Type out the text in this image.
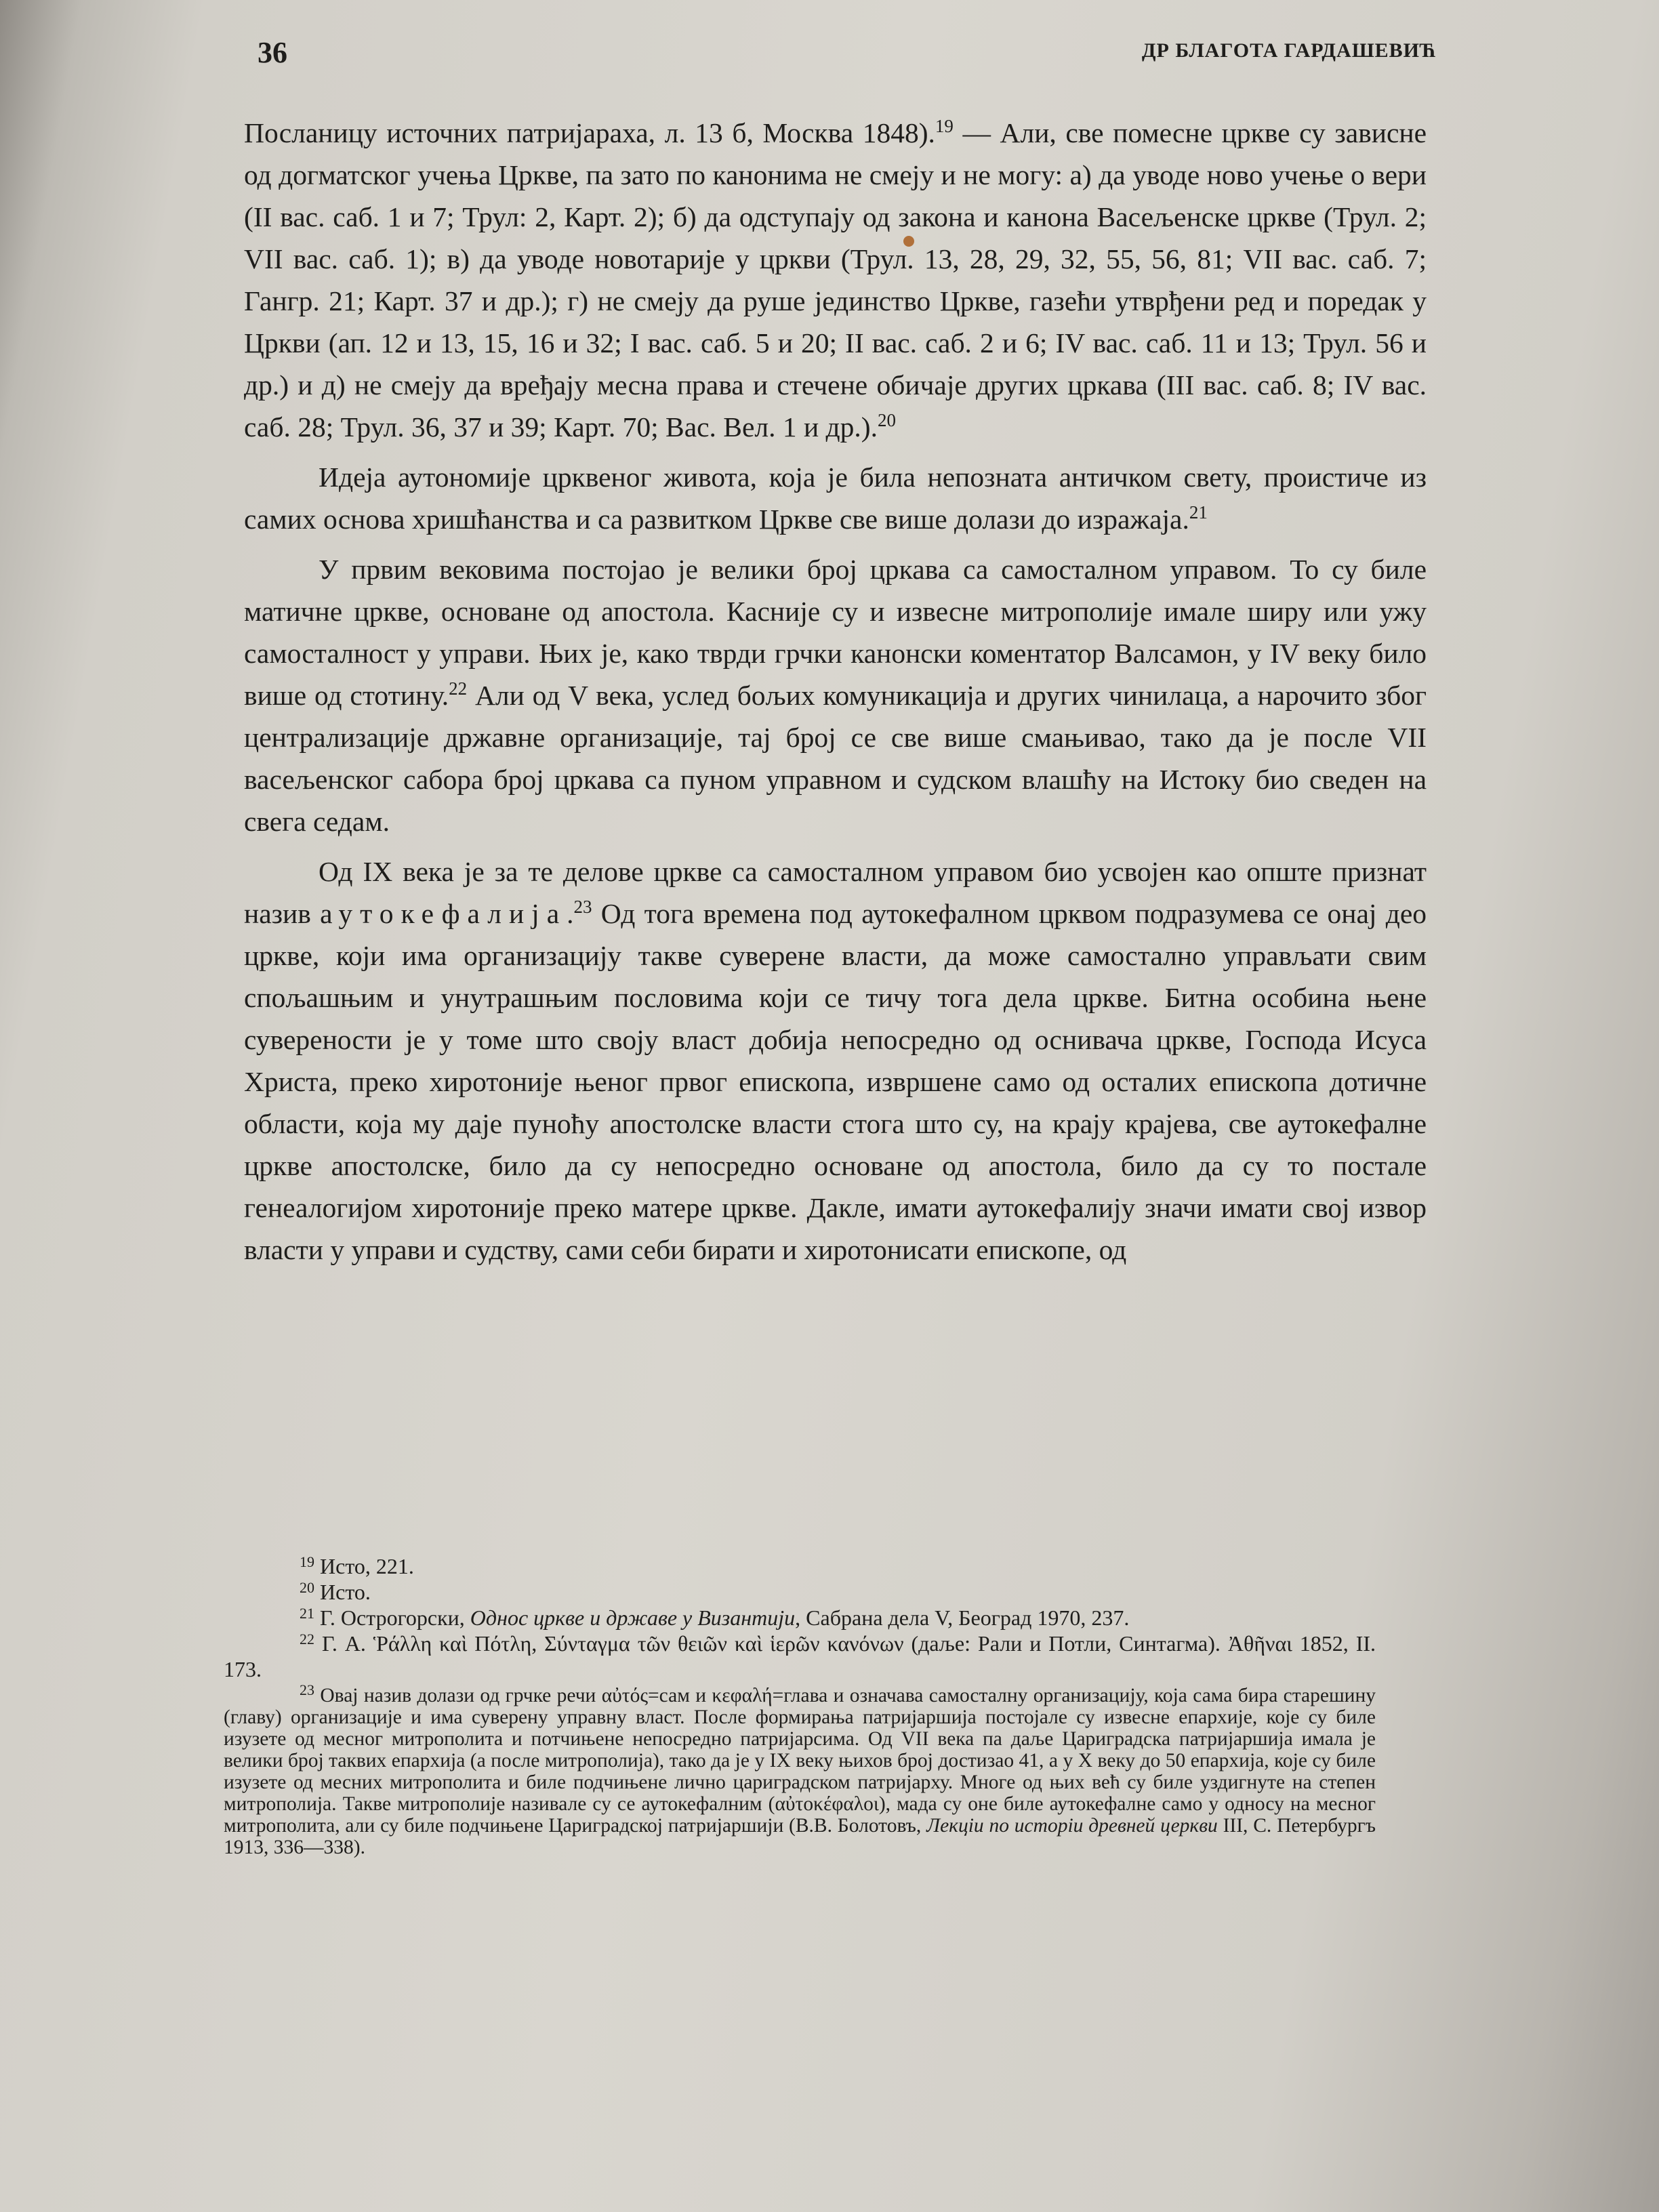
36	ДР БЛАГОТА ГАРДАШЕВИЋ

Посланицу источних патријараха, л. 13 б, Москва 1848).$^{19}$ — Али, све помесне цркве су зависне од догматског учења Цркве, па зато по канонима не смеју и не могу: а) да уводе ново учење о вери (II вас. саб. 1 и 7; Трул: 2, Карт. 2); б) да одступају од закона и канона Васељенске цркве (Трул. 2; VII вас. саб. 1); в) да уводе новотарије у цркви (Трул. 13, 28, 29, 32, 55, 56, 81; VII вас. саб. 7; Гангр. 21; Карт. 37 и др.); г) не смеју да руше јединство Цркве, газећи утврђени ред и поредак у Цркви (ап. 12 и 13, 15, 16 и 32; I вас. саб. 5 и 20; II вас. саб. 2 и 6; IV вас. саб. 11 и 13; Трул. 56 и др.) и д) не смеју да вређају месна права и стечене обичаје других цркава (III вас. саб. 8; IV вас. саб. 28; Трул. 36, 37 и 39; Карт. 70; Вас. Вел. 1 и др.).$^{20}$

Идеја аутономије црквеног живота, која је била непозната античком свету, проистиче из самих основа хришћанства и са развитком Цркве све више долази до изражаја.$^{21}$

У првим вековима постојао је велики број цркава са самосталном управом. То су биле матичне цркве, основане од апостола. Касније су и извесне митрополије имале ширу или ужу самосталност у управи. Њих је, како тврди грчки канонски коментатор Валсамон, у IV веку било више од стотину.$^{22}$ Али од V века, услед бољих комуникација и других чинилаца, а нарочито због централизације државне организације, тај број се све више смањивао, тако да је после VII васељенског сабора број цркава са пуном управном и судском влашћу на Истоку био сведен на свега седам.

Од IX века је за те делове цркве са самосталном управом био усвојен као опште признат назив аутокефалија.$^{23}$ Од тога времена под аутокефалном црквом подразумева се онај део цркве, који има организацију такве суверене власти, да може самостално управљати свим спољашњим и унутрашњим пословима који се тичу тога дела цркве. Битна особина њене суверености је у томе што своју власт добија непосредно од оснивача цркве, Господа Исуса Христа, преко хиротоније њеног првог епископа, извршене само од осталих епископа дотичне области, која му даје пуноћу апостолске власти стога што су, на крају крајева, све аутокефалне цркве апостолске, било да су непосредно основане од апостола, било да су то постале генеалогијом хиротоније преко матере цркве. Дакле, имати аутокефалију значи имати свој извор власти у управи и судству, сами себи бирати и хиротонисати епископе, од

$^{19}$ Исто, 221.

$^{20}$ Исто.

$^{21}$ Г. Острогорски, Однос цркве и државе у Византији, Сабрана дела V, Београд 1970, 237.

$^{22}$ Г. А. Ῥάλλη καὶ Πότλη, Σύνταγμα τῶν θειῶν καὶ ἱερῶν κανόνων (даље: Рали и Потли, Синтагма). Ἀθῆναι 1852, II. 173.

$^{23}$ Овај назив долази од грчке речи αὐτός=сам и κεφαλή=глава и означава самосталну организацију, која сама бира старешину (главу) организације и има суверену управну власт. После формирања патријаршија постојале су извесне епархије, које су биле изузете од месног митрополита и потчињене непосредно патријарсима. Од VII века па даље Цариградска патријаршија имала је велики број таквих епархија (а после митрополија), тако да је у IX веку њихов број достизао 41, а у X веку до 50 епархија, које су биле изузете од месних митрополита и биле подчињене лично цариградском патријарху. Многе од њих већ су биле уздигнуте на степен митрополија. Такве митрополије називале су се аутокефалним (αὐτοκέφαλοι), мада су оне биле аутокефалне само у односу на месног митрополита, али су биле подчињене Цариградској патријаршији (В.В. Болотовъ, Лекціи по исторіи древней церкви III, С. Петербургъ 1913, 336—338).
